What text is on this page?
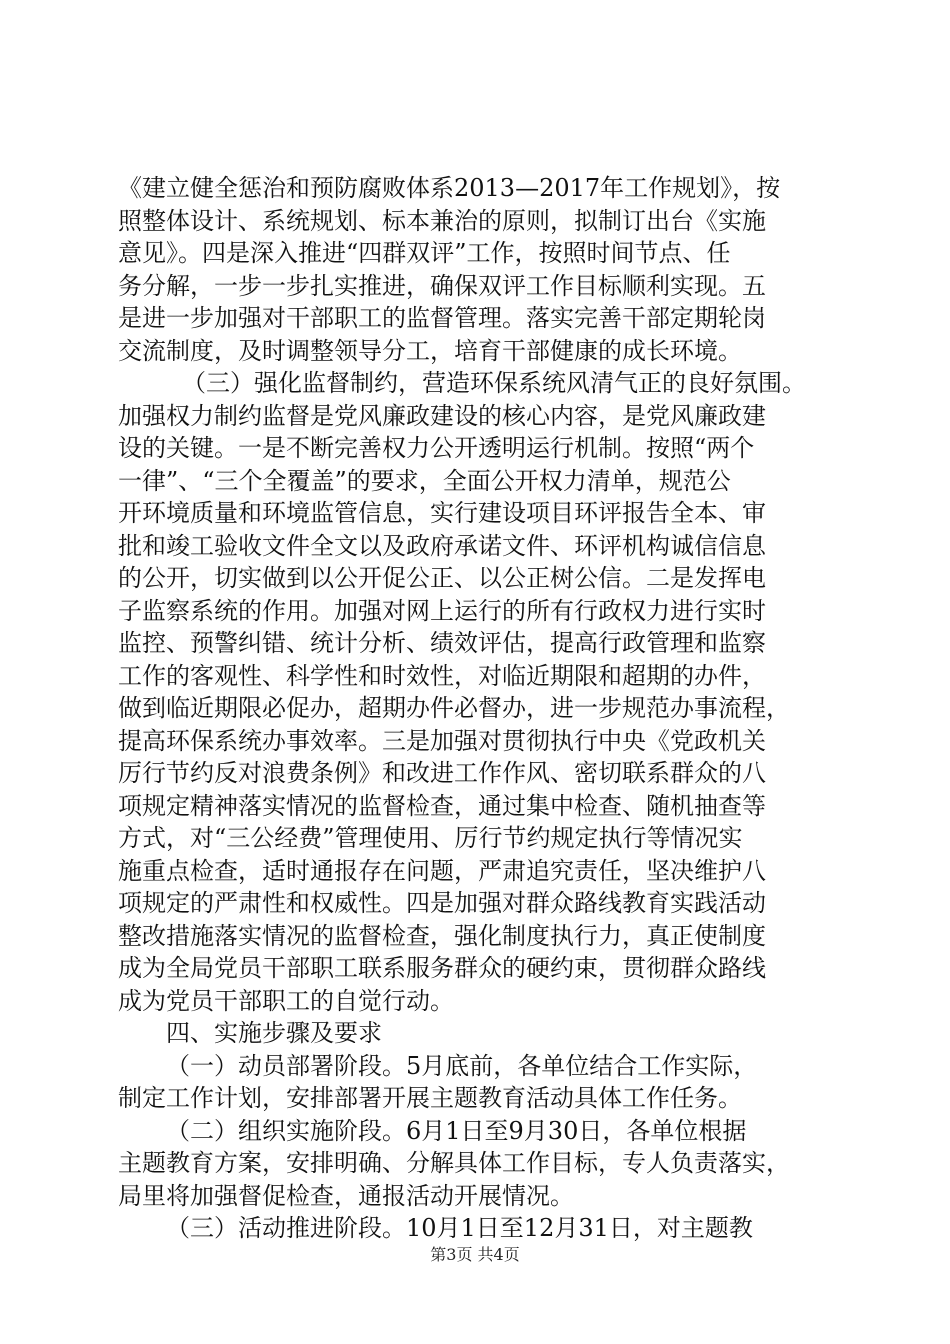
《建立健全惩治和预防腐败体系2013—2017年工作规划》，按
照整体设计、系统规划、标本兼治的原则，拟制订出台《实施
意见》。四是深入推进“四群双评”工作，按照时间节点、任
务分解，一步一步扎实推进，确保双评工作目标顺利实现。五
是进一步加强对干部职工的监督管理。落实完善干部定期轮岗
交流制度，及时调整领导分工，培育干部健康的成长环境。
（三）强化监督制约，营造环保系统风清气正的良好氛围。
加强权力制约监督是党风廉政建设的核心内容，是党风廉政建
设的关键。一是不断完善权力公开透明运行机制。按照“两个
一律”、“三个全覆盖”的要求，全面公开权力清单，规范公
开环境质量和环境监管信息，实行建设项目环评报告全本、审
批和竣工验收文件全文以及政府承诺文件、环评机构诚信信息
的公开，切实做到以公开促公正、以公正树公信。二是发挥电
子监察系统的作用。加强对网上运行的所有行政权力进行实时
监控、预警纠错、统计分析、绩效评估，提高行政管理和监察
工作的客观性、科学性和时效性，对临近期限和超期的办件，
做到临近期限必促办，超期办件必督办，进一步规范办事流程，
提高环保系统办事效率。三是加强对贯彻执行中央《党政机关
厉行节约反对浪费条例》和改进工作作风、密切联系群众的八
项规定精神落实情况的监督检查，通过集中检查、随机抽查等
方式，对“三公经费”管理使用、厉行节约规定执行等情况实
施重点检查，适时通报存在问题，严肃追究责任，坚决维护八
项规定的严肃性和权威性。四是加强对群众路线教育实践活动
整改措施落实情况的监督检查，强化制度执行力，真正使制度
成为全局党员干部职工联系服务群众的硬约束，贯彻群众路线
成为党员干部职工的自觉行动。
四、实施步骤及要求
（一）动员部署阶段。5月底前，各单位结合工作实际，
制定工作计划，安排部署开展主题教育活动具体工作任务。
（二）组织实施阶段。6月1日至9月30日，各单位根据
主题教育方案，安排明确、分解具体工作目标，专人负责落实，
局里将加强督促检查，通报活动开展情况。
（三）活动推进阶段。10月1日至12月31日，对主题教
第3页 共4页
